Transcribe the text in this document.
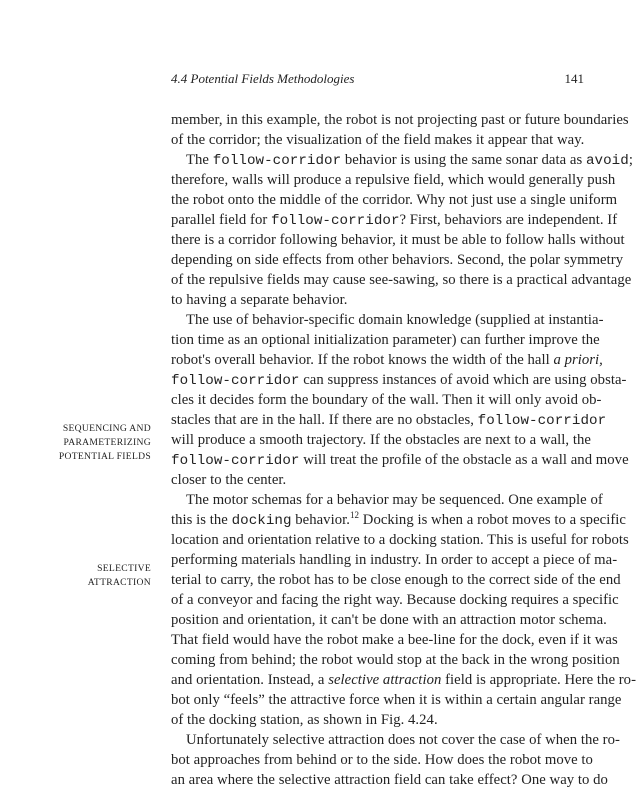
4.4 Potential Fields Methodologies	141
SEQUENCING AND
PARAMETERIZING
POTENTIAL FIELDS
SELECTIVE
ATTRACTION
member, in this example, the robot is not projecting past or future boundaries
of the corridor; the visualization of the field makes it appear that way.
The follow-corridor behavior is using the same sonar data as avoid;
therefore, walls will produce a repulsive field, which would generally push
the robot onto the middle of the corridor. Why not just use a single uniform
parallel field for follow-corridor? First, behaviors are independent. If
there is a corridor following behavior, it must be able to follow halls without
depending on side effects from other behaviors. Second, the polar symmetry
of the repulsive fields may cause see-sawing, so there is a practical advantage
to having a separate behavior.
The use of behavior-specific domain knowledge (supplied at instantia-
tion time as an optional initialization parameter) can further improve the
robot's overall behavior. If the robot knows the width of the hall a priori,
follow-corridor can suppress instances of avoid which are using obsta-
cles it decides form the boundary of the wall. Then it will only avoid ob-
stacles that are in the hall. If there are no obstacles, follow-corridor
will produce a smooth trajectory. If the obstacles are next to a wall, the
follow-corridor will treat the profile of the obstacle as a wall and move
closer to the center.
The motor schemas for a behavior may be sequenced. One example of
this is the docking behavior.$^{12}$ Docking is when a robot moves to a specific
location and orientation relative to a docking station. This is useful for robots
performing materials handling in industry. In order to accept a piece of ma-
terial to carry, the robot has to be close enough to the correct side of the end
of a conveyor and facing the right way. Because docking requires a specific
position and orientation, it can't be done with an attraction motor schema.
That field would have the robot make a bee-line for the dock, even if it was
coming from behind; the robot would stop at the back in the wrong position
and orientation. Instead, a selective attraction field is appropriate. Here the ro-
bot only “feels” the attractive force when it is within a certain angular range
of the docking station, as shown in Fig. 4.24.
Unfortunately selective attraction does not cover the case of when the ro-
bot approaches from behind or to the side. How does the robot move to
an area where the selective attraction field can take effect? One way to do
